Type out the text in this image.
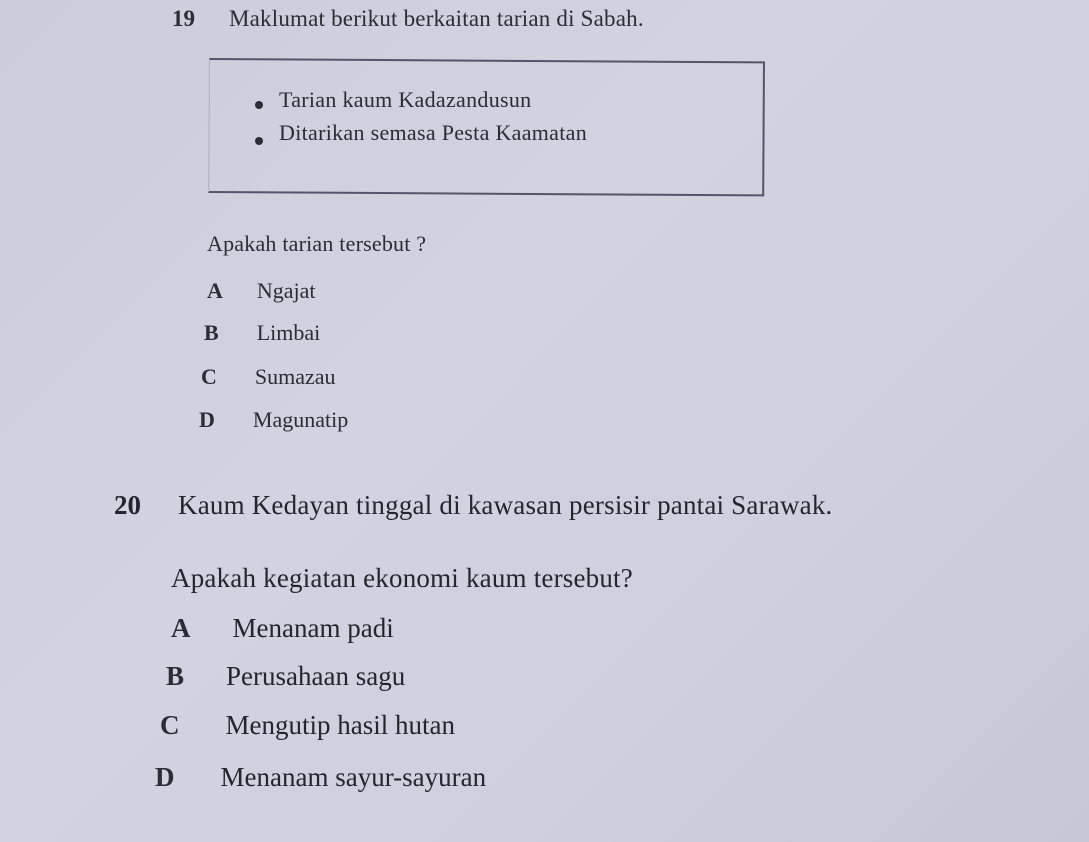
19 Maklumat berikut berkaitan tarian di Sabah.
Tarian kaum Kadazandusun
Ditarikan semasa Pesta Kaamatan
Apakah tarian tersebut ?
A Ngajat
B Limbai
C Sumazau
D Magunatip
20 Kaum Kedayan tinggal di kawasan persisir pantai Sarawak.
Apakah kegiatan ekonomi kaum tersebut?
A Menanam padi
B Perusahaan sagu
C Mengutip hasil hutan
D Menanam sayur-sayuran
